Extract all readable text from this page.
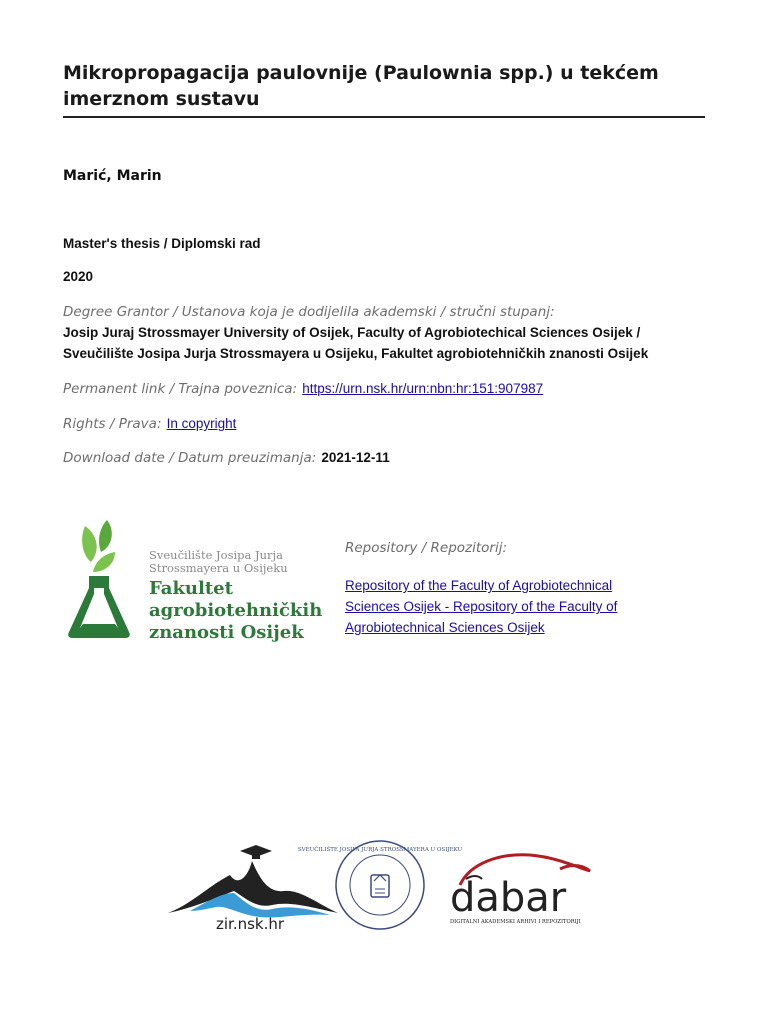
Mikropropagacija paulovnije (Paulownia spp.) u tekćem imerznom sustavu

Marić, Marin

Master's thesis / Diplomski rad

2020

Degree Grantor / Ustanova koja je dodijelila akademski / stručni stupanj:
Josip Juraj Strossmayer University of Osijek, Faculty of Agrobiotechical Sciences Osijek /
Sveučilište Josipa Jurja Strossmayera u Osijeku, Fakultet agrobiotehničkih znanosti Osijek
Permanent link / Trajna poveznica: https://urn.nsk.hr/urn:nbn:hr:151:907987
Rights / Prava: In copyright
Download date / Datum preuzimanja: 2021-12-11
Sveučilište Josipa Jurja
Strossmayera u Osijeku
Fakultet
agrobiotehničkih
znanosti Osijek
Repository / Repozitorij:
Repository of the Faculty of Agrobiotechnical Sciences Osijek - Repository of the Faculty of Agrobiotechnical Sciences Osijek
zir.nsk.hr
SVEUČILIŠTE JOSIPA JURJA STROSSMAYERA U OSIJEKU
dabar
DIGITALNI AKADEMSKI ARHIVI I REPOZITORIJI
